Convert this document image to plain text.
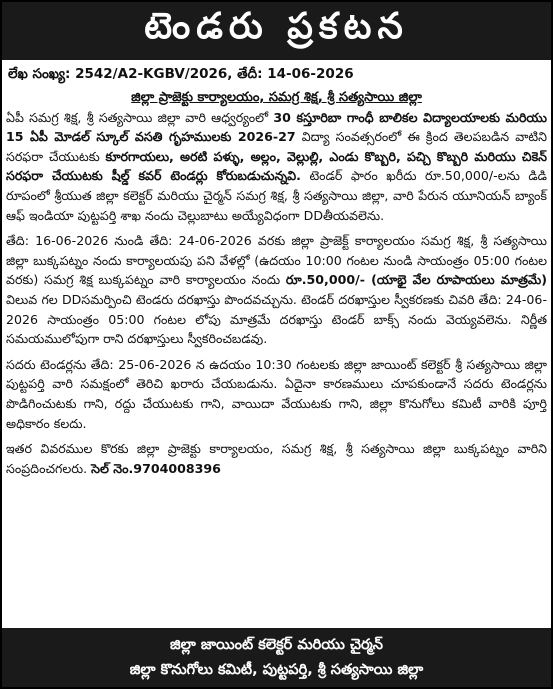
టెండరు ప్రకటన
లేఖ సంఖ్య: 2542/A2-KGBV/2026, తేదీ: 14-06-2026
జిల్లా ప్రాజెక్టు కార్యాలయం, సమగ్ర శిక్ష, శ్రీ సత్యసాయి జిల్లా

ఏపీ సమగ్ర శిక్ష, శ్రీ సత్యసాయి జిల్లా వారి ఆధ్వర్యంలో 30 కస్తూరిబా గాంధీ బాలికల విద్యాలయాలకు మరియు 15 ఏపీ మోడల్ స్కూల్ వసతి గృహములకు 2026-27 విద్యా సంవత్సరంలో ఈ క్రింద తెలపబడిన వాటిని సరఫరా చేయుటకు కూరగాయలు, అరటి పళ్ళు, అల్లం, వెల్లుల్లి, ఎండు కొబ్బరి, పచ్చి కొబ్బరి మరియు చికెన్ సరఫరా చేయుటకు షీల్డ్ కవర్ టెండర్లు కోరుబడుచున్నవి. టెండర్ ఫారం ఖరీదు రూ.50,000/-లను డిడి రూపంలో శ్రీయుత జిల్లా కలెక్టర్ మరియు చైర్మన్ సమగ్ర శిక్ష, శ్రీ సత్యసాయి జిల్లా, వారి పేరున యూనియన్ బ్యాంక్ ఆఫ్ ఇండియా పుట్టపర్తి శాఖ నందు చెల్లుబాటు అయ్యేవిధంగా DDతీయవలెను.

తేది: 16-06-2026 నుండి తేది: 24-06-2026 వరకు జిల్లా ప్రాజెక్ట్ కార్యాలయం సమగ్ర శిక్ష, శ్రీ సత్యసాయి జిల్లా బుక్కపట్నం నందు కార్యాలయపు పని వేళల్లో (ఉదయం 10:00 గంటల నుండి సాయంత్రం 05:00 గంటల వరకు) సమగ్ర శిక్ష బుక్కపట్నం వారి కార్యాలయం నందు రూ.50,000/- (యాభై వేల రూపాయలు మాత్రమే) విలువ గల DDసమర్పించి టెండరు దరఖాస్తు పొందవచ్చును. టెండర్ దరఖాస్తుల స్వీకరణకు చివరి తేది: 24-06-2026 సాయంత్రం 05:00 గంటల లోపు మాత్రమే దరఖాస్తు టెండర్ బాక్స్ నందు వెయ్యవలెను. నిర్ణీత సమయములోపుగా రాని దరఖాస్తులు స్వీకరించబడవు.

సదరు టెండర్లను తేది: 25-06-2026 న ఉదయం 10:30 గంటలకు జిల్లా జాయింట్ కలెక్టర్ శ్రీ సత్యసాయి జిల్లా పుట్టపర్తి వారి సమక్షంలో తెరిచి ఖరారు చేయబడును. ఏదైనా కారణములు చూపకుండానే సదరు టెండర్లను పొడిగించుటకు గాని, రద్దు చేయుటకు గాని, వాయిదా వేయుటకు గాని, జిల్లా కొనుగోలు కమిటీ వారికి పూర్తి అధికారం కలదు.

ఇతర వివరముల కొరకు జిల్లా ప్రాజెక్టు కార్యాలయం, సమగ్ర శిక్ష, శ్రీ సత్యసాయి జిల్లా బుక్కపట్నం వారిని సంప్రదించగలరు. సెల్ నెం.9704008396

జిల్లా జాయింట్ కలెక్టర్ మరియు చైర్మన్
జిల్లా కొనుగోలు కమిటీ, పుట్టపర్తి, శ్రీ సత్యసాయి జిల్లా
